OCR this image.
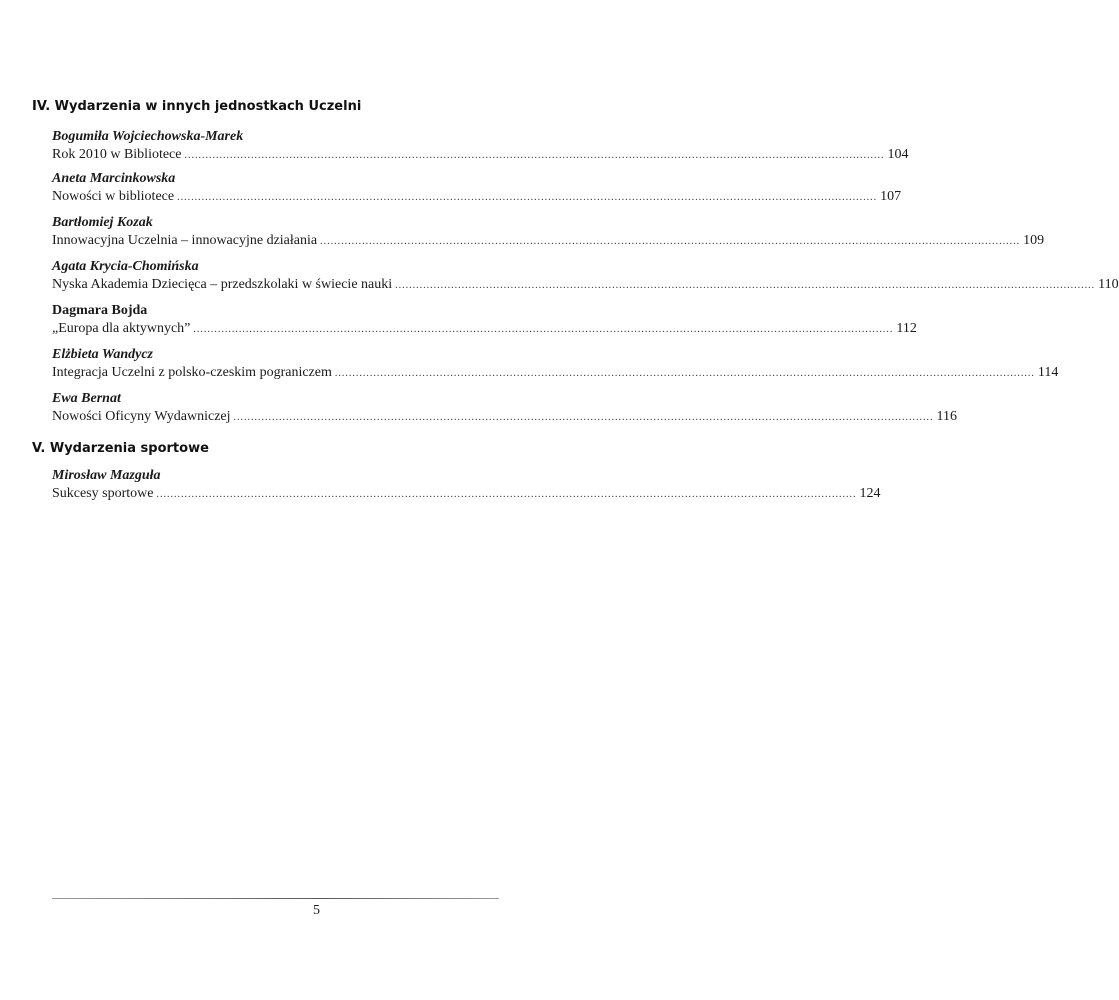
IV. Wydarzenia w innych jednostkach Uczelni
Bogumiła Wojciechowska-Marek
Rok 2010 w Bibliotece ........................................................................................................................................................................................................ 104
Aneta Marcinkowska
Nowości w bibliotece ........................................................................................................................................................................................................ 107
Bartłomiej Kozak
Innowacyjna Uczelnia – innowacyjne działania ........................................................................................................................................................................................................ 109
Agata Krycia-Chomińska
Nyska Akademia Dziecięca – przedszkolaki w świecie nauki ........................................................................................................................................................................................................ 110
Dagmara Bojda
„Europa dla aktywnych” ........................................................................................................................................................................................................ 112
Elżbieta Wandycz
Integracja Uczelni z polsko-czeskim pograniczem ........................................................................................................................................................................................................ 114
Ewa Bernat
Nowości Oficyny Wydawniczej ........................................................................................................................................................................................................ 116
V. Wydarzenia sportowe
Mirosław Mazguła
Sukcesy sportowe ........................................................................................................................................................................................................ 124
5
